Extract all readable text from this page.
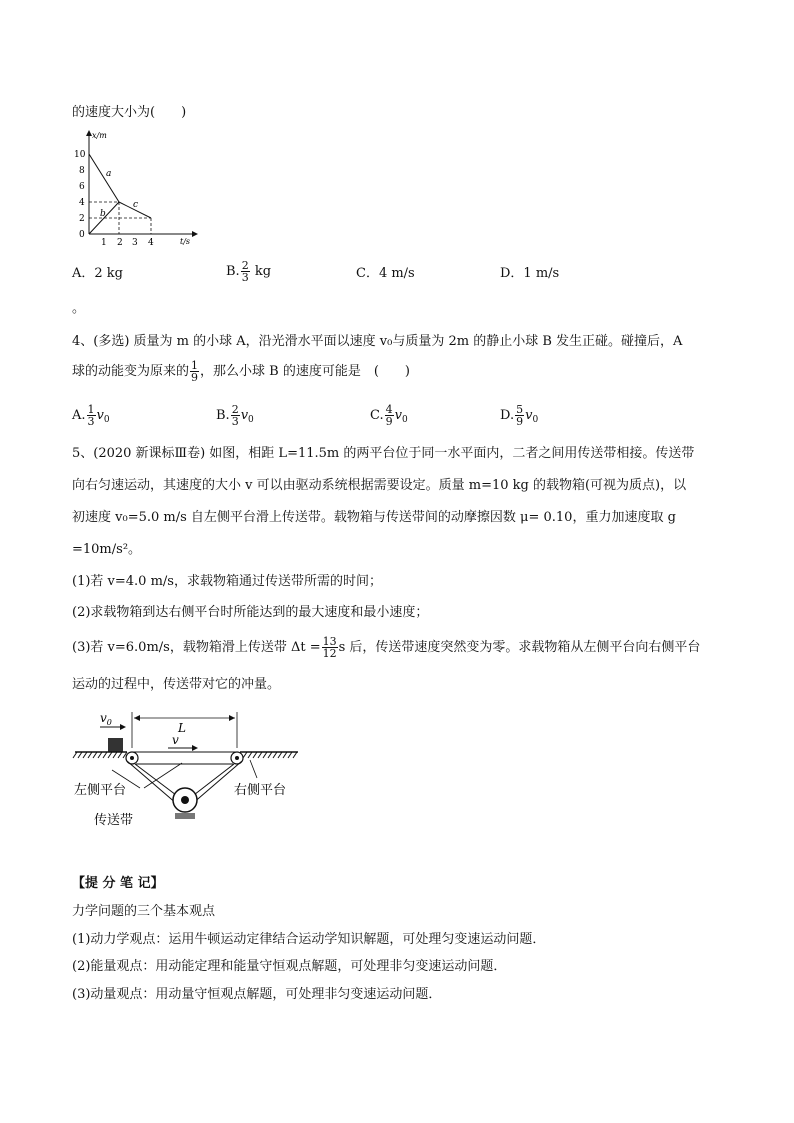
的速度大小为(　　)
x/m
t/s
10
8
6
4
2
0
1 2 3 4
a
b
c
A．2 kg	B. $\frac{2}{3}$ kg	C．4 m/s	D．1 m/s
。
4、(多选) 质量为 m 的小球 A，沿光滑水平面以速度 v₀与质量为 2m 的静止小球 B 发生正碰。碰撞后，A
球的动能变为原来的 $\frac{1}{9}$ ，那么小球 B 的速度可能是　(　　)
A. $\frac{1}{3} v_0$	B. $\frac{2}{3} v_0$	C. $\frac{4}{9} v_0$	D. $\frac{5}{9} v_0$
5、(2020 新课标Ⅲ卷) 如图，相距 L=11.5m 的两平台位于同一水平面内，二者之间用传送带相接。传送带
向右匀速运动，其速度的大小 v 可以由驱动系统根据需要设定。质量 m=10 kg 的载物箱(可视为质点)，以
初速度 v₀=5.0 m/s 自左侧平台滑上传送带。载物箱与传送带间的动摩擦因数 μ= 0.10，重力加速度取 g
=10m/s²。
(1)若 v=4.0 m/s，求载物箱通过传送带所需的时间；
(2)求载物箱到达右侧平台时所能达到的最大速度和最小速度；
(3)若 v=6.0m/s，载物箱滑上传送带 $\Delta t = \frac{13}{12}$ s 后，传送带速度突然变为零。求载物箱从左侧平台向右侧平台
运动的过程中，传送带对它的冲量。
$v_0$	L
v
左侧平台	右侧平台
传送带
【提 分 笔 记】
力学问题的三个基本观点
(1)动力学观点：运用牛顿运动定律结合运动学知识解题，可处理匀变速运动问题．
(2)能量观点：用动能定理和能量守恒观点解题，可处理非匀变速运动问题．
(3)动量观点：用动量守恒观点解题，可处理非匀变速运动问题．
